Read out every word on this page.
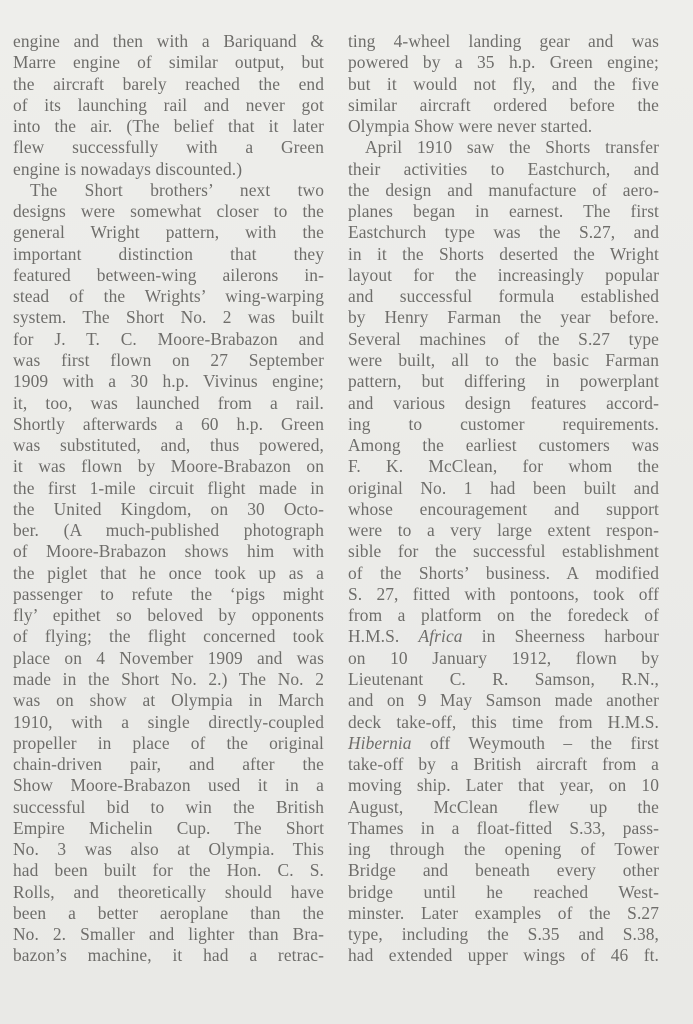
engine and then with a Bariquand &
Marre engine of similar output, but
the aircraft barely reached the end
of its launching rail and never got
into the air. (The belief that it later
flew successfully with a Green
engine is nowadays discounted.)
The Short brothers’ next two
designs were somewhat closer to the
general Wright pattern, with the
important distinction that they
featured between-wing ailerons in-
stead of the Wrights’ wing-warping
system. The Short No. 2 was built
for J. T. C. Moore-Brabazon and
was first flown on 27 September
1909 with a 30 h.p. Vivinus engine;
it, too, was launched from a rail.
Shortly afterwards a 60 h.p. Green
was substituted, and, thus powered,
it was flown by Moore-Brabazon on
the first 1-mile circuit flight made in
the United Kingdom, on 30 Octo-
ber. (A much-published photograph
of Moore-Brabazon shows him with
the piglet that he once took up as a
passenger to refute the ‘pigs might
fly’ epithet so beloved by opponents
of flying; the flight concerned took
place on 4 November 1909 and was
made in the Short No. 2.) The No. 2
was on show at Olympia in March
1910, with a single directly-coupled
propeller in place of the original
chain-driven pair, and after the
Show Moore-Brabazon used it in a
successful bid to win the British
Empire Michelin Cup. The Short
No. 3 was also at Olympia. This
had been built for the Hon. C. S.
Rolls, and theoretically should have
been a better aeroplane than the
No. 2. Smaller and lighter than Bra-
bazon’s machine, it had a retrac-
ting 4-wheel landing gear and was
powered by a 35 h.p. Green engine;
but it would not fly, and the five
similar aircraft ordered before the
Olympia Show were never started.
April 1910 saw the Shorts transfer
their activities to Eastchurch, and
the design and manufacture of aero-
planes began in earnest. The first
Eastchurch type was the S.27, and
in it the Shorts deserted the Wright
layout for the increasingly popular
and successful formula established
by Henry Farman the year before.
Several machines of the S.27 type
were built, all to the basic Farman
pattern, but differing in powerplant
and various design features accord-
ing to customer requirements.
Among the earliest customers was
F. K. McClean, for whom the
original No. 1 had been built and
whose encouragement and support
were to a very large extent respon-
sible for the successful establishment
of the Shorts’ business. A modified
S. 27, fitted with pontoons, took off
from a platform on the foredeck of
H.M.S. Africa in Sheerness harbour
on 10 January 1912, flown by
Lieutenant C. R. Samson, R.N.,
and on 9 May Samson made another
deck take-off, this time from H.M.S.
Hibernia off Weymouth – the first
take-off by a British aircraft from a
moving ship. Later that year, on 10
August, McClean flew up the
Thames in a float-fitted S.33, pass-
ing through the opening of Tower
Bridge and beneath every other
bridge until he reached West-
minster. Later examples of the S.27
type, including the S.35 and S.38,
had extended upper wings of 46 ft.
